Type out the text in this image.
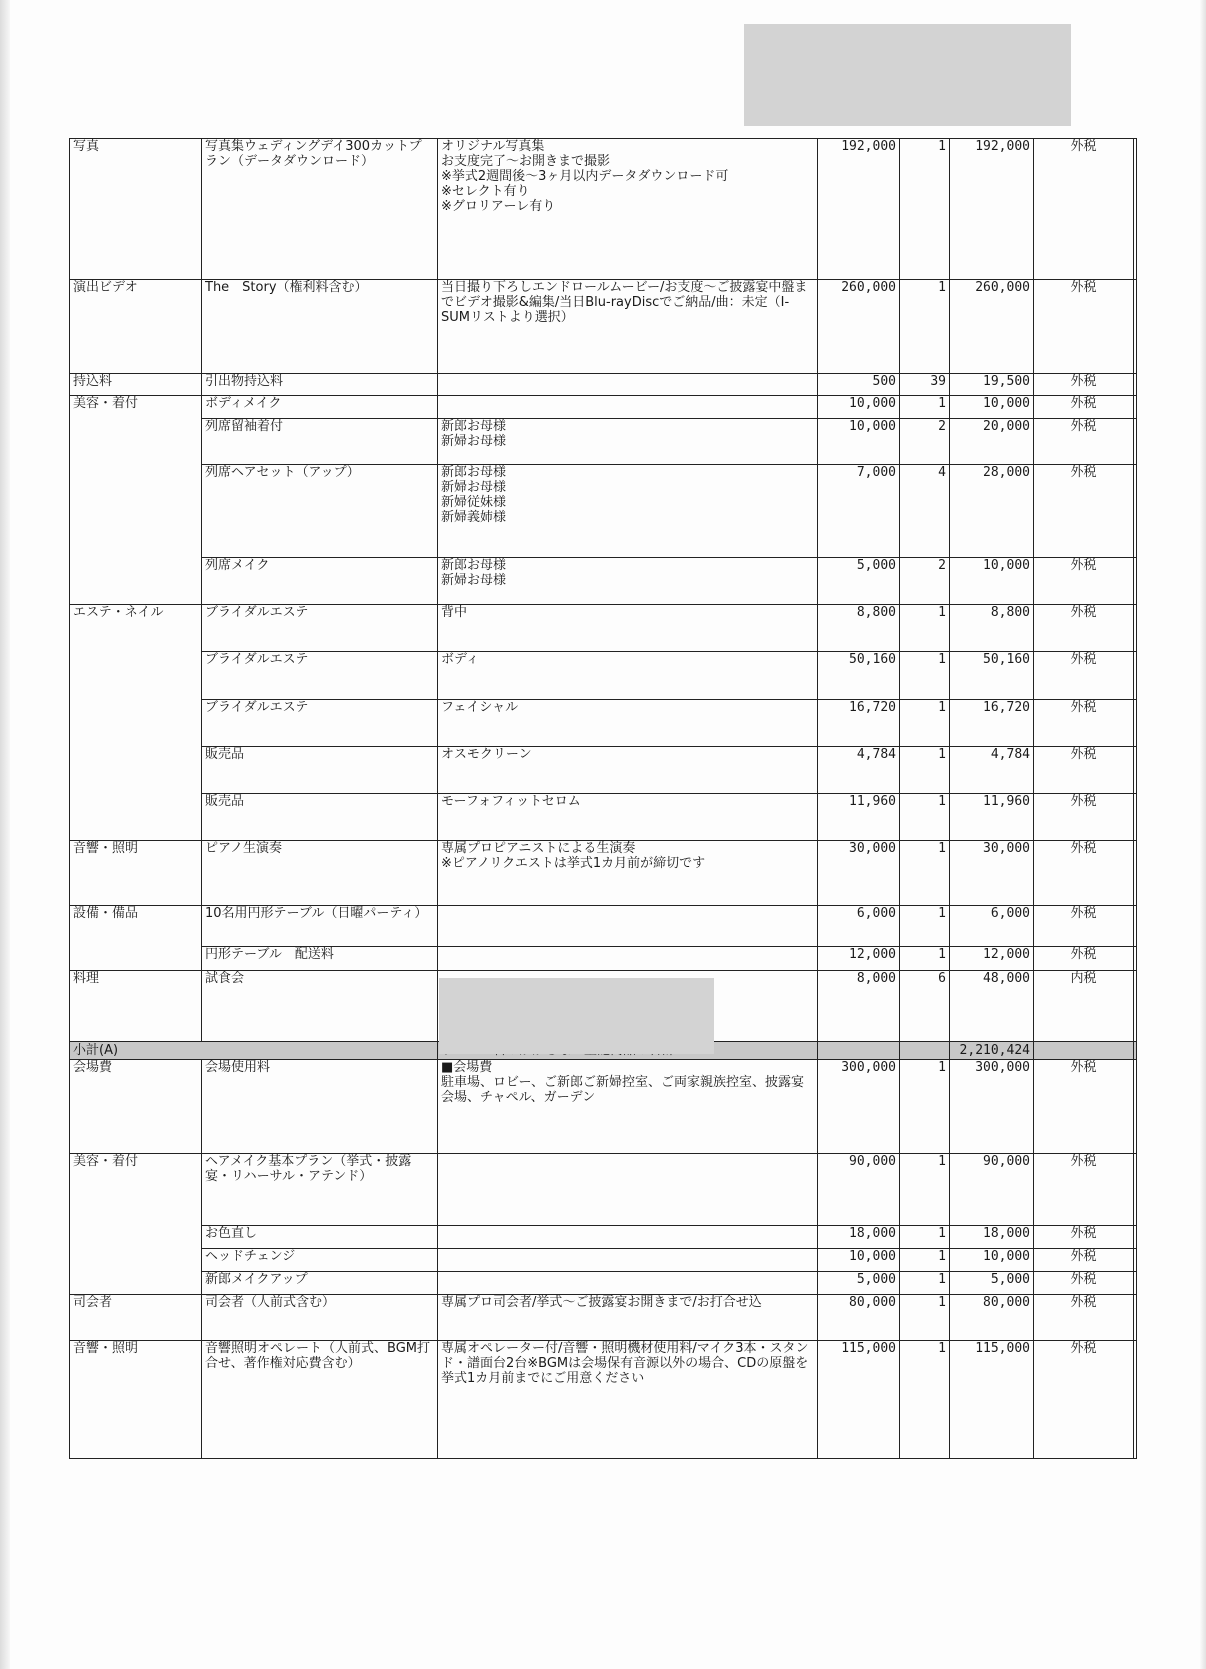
写真	写真集ウェディングデイ300カットプラン（データダウンロード）	オリジナル写真集
お支度完了～お開きまで撮影
※挙式2週間後～3ヶ月以内データダウンロード可
※セレクト有り
※グロリアーレ有り	192,000	1	192,000	外税	
演出ビデオ	The　Story（権利料含む）	当日撮り下ろしエンドロールムービー/お支度～ご披露宴中盤までビデオ撮影&編集/当日Blu-rayDiscでご納品/曲：未定（I-SUMリストより選択）	260,000	1	260,000	外税	
持込料	引出物持込料		500	39	19,500	外税	
美容・着付	ボディメイク		10,000	1	10,000	外税	
	列席留袖着付	新郎お母様
新婦お母様	10,000	2	20,000	外税	
	列席ヘアセット（アップ）	新郎お母様
新婦お母様
新婦従妹様
新婦義姉様	7,000	4	28,000	外税	
	列席メイク	新郎お母様
新婦お母様	5,000	2	10,000	外税	
エステ・ネイル	ブライダルエステ	背中	8,800	1	8,800	外税	
	ブライダルエステ	ボディ	50,160	1	50,160	外税	
	ブライダルエステ	フェイシャル	16,720	1	16,720	外税	
	販売品	オスモクリーン	4,784	1	4,784	外税	
	販売品	モーフォフィットセロム	11,960	1	11,960	外税	
音響・照明	ピアノ生演奏	専属プロピアニストによる生演奏
※ピアノリクエストは挙式1カ月前が締切です	30,000	1	30,000	外税	
設備・備品	10名用円形テーブル（日曜パーティ）		6,000	1	6,000	外税	
	円形テーブル　配送料		12,000	1	12,000	外税	
料理	試食会		8,000	6	48,000	内税	
小計(A)					2,210,424		
会場費	会場使用料	■会場費
駐車場、ロビー、ご新郎ご新婦控室、ご両家親族控室、披露宴会場、チャペル、ガーデン	300,000	1	300,000	外税	
美容・着付	ヘアメイク基本プラン（挙式・披露宴・リハーサル・アテンド）		90,000	1	90,000	外税	
	お色直し		18,000	1	18,000	外税	
	ヘッドチェンジ		10,000	1	10,000	外税	
	新郎メイクアップ		5,000	1	5,000	外税	
司会者	司会者（人前式含む）	専属プロ司会者/挙式～ご披露宴お開きまで/お打合せ込	80,000	1	80,000	外税	
音響・照明	音響照明オペレート（人前式、BGM打合せ、著作権対応費含む）	専属オペレーター付/音響・照明機材使用料/マイク3本・スタンド・譜面台2台※BGMは会場保有音源以外の場合、CDの原盤を挙式1カ月前までにご用意ください	115,000	1	115,000	外税	
